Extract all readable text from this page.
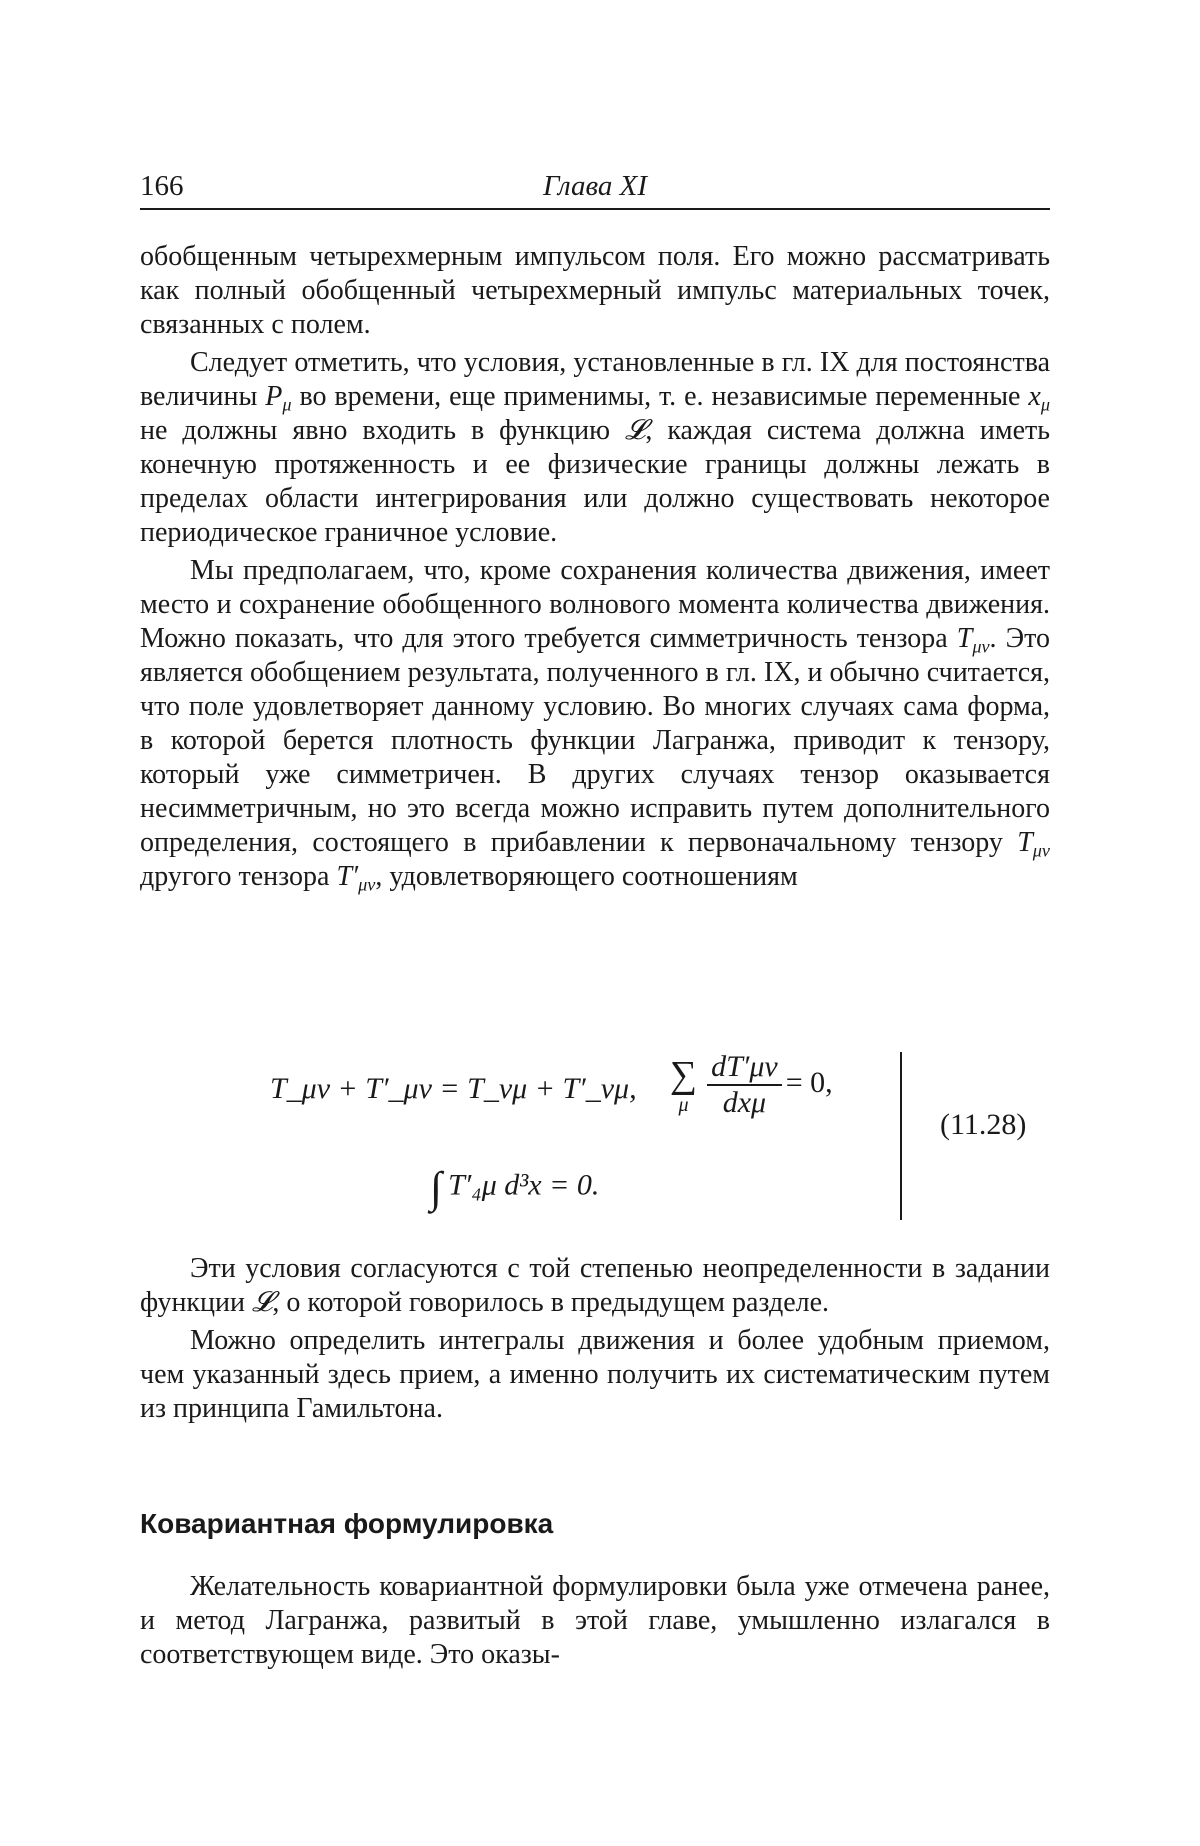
166	Глава XI

обобщенным четырехмерным импульсом поля. Его можно рассматривать как полный обобщенный четырехмерный импульс материальных точек, связанных с полем.

Следует отметить, что условия, установленные в гл. IX для постоянства величины $P_\mu$ во времени, еще применимы, т. е. независимые переменные $x_\mu$ не должны явно входить в функцию 𝓛, каждая система должна иметь конечную протяженность и ее физические границы должны лежать в пределах области интегрирования или должно существовать некоторое периодическое граничное условие.

Мы предполагаем, что, кроме сохранения количества движения, имеет место и сохранение обобщенного волнового момента количества движения. Можно показать, что для этого требуется симметричность тензора $T_{\mu\nu}$. Это является обобщением результата, полученного в гл. IX, и обычно считается, что поле удовлетворяет данному условию. Во многих случаях сама форма, в которой берется плотность функции Лагранжа, приводит к тензору, который уже симметричен. В других случаях тензор оказывается несимметричным, но это всегда можно исправить путем дополнительного определения, состоящего в прибавлении к первоначальному тензору $T_{\mu\nu}$ другого тензора $T'_{\mu\nu}$, удовлетворяющего соотношениям

T_μν + T′_μν = T_νμ + T′_νμ, ∑
μ $\frac{dT'\mu\nu}{\text{dxμ}} = 0$,
∫ T′₄μ d³x = 0.
(11.28)

Эти условия согласуются с той степенью неопределенности в задании функции 𝓛, о которой говорилось в предыдущем разделе.

Можно определить интегралы движения и более удобным приемом, чем указанный здесь прием, а именно получить их систематическим путем из принципа Гамильтона.

Ковариантная формулировка

Желательность ковариантной формулировки была уже отмечена ранее, и метод Лагранжа, развитый в этой главе, умышленно излагался в соответствующем виде. Это оказы-
